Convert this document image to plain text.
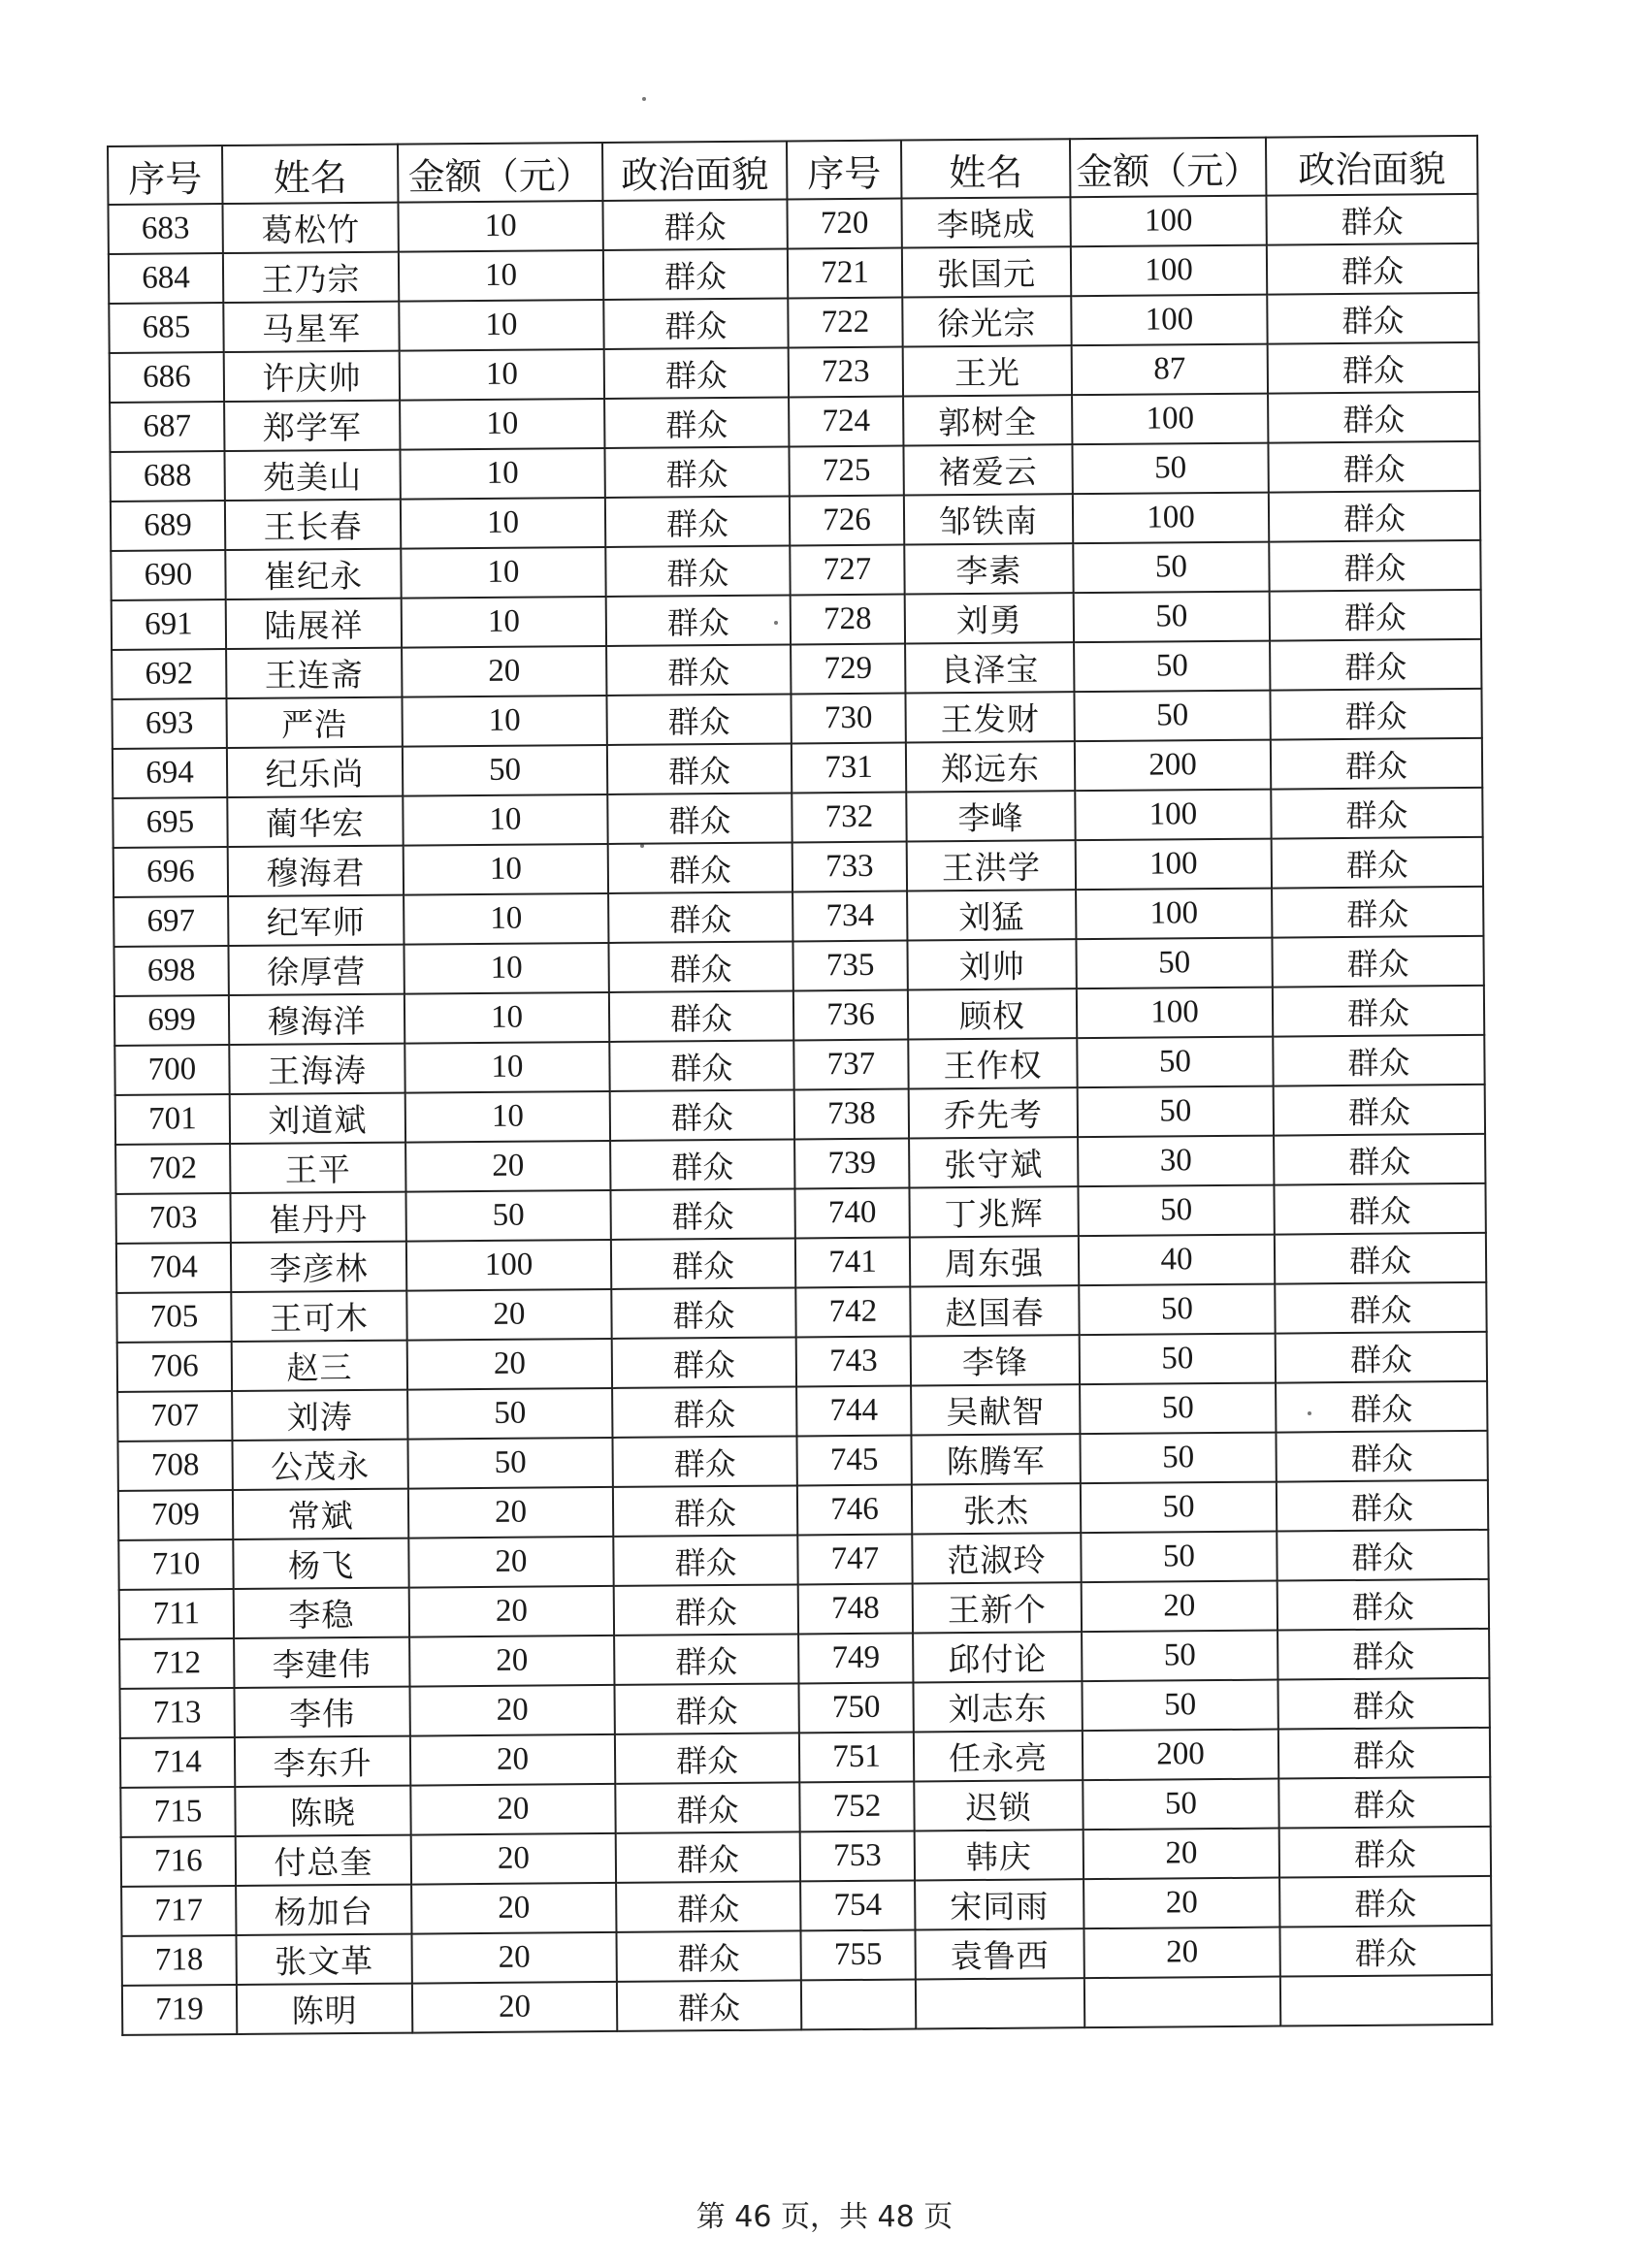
序号	姓名	金额（元）	政治面貌	序号	姓名	金额（元）	政治面貌
683	葛松竹	10	群众	720	李晓成	100	群众
684	王乃宗	10	群众	721	张国元	100	群众
685	马星军	10	群众	722	徐光宗	100	群众
686	许庆帅	10	群众	723	王光	87	群众
687	郑学军	10	群众	724	郭树全	100	群众
688	苑美山	10	群众	725	褚爱云	50	群众
689	王长春	10	群众	726	邹铁南	100	群众
690	崔纪永	10	群众	727	李素	50	群众
691	陆展祥	10	群众	728	刘勇	50	群众
692	王连斋	20	群众	729	良泽宝	50	群众
693	严浩	10	群众	730	王发财	50	群众
694	纪乐尚	50	群众	731	郑远东	200	群众
695	蔺华宏	10	群众	732	李峰	100	群众
696	穆海君	10	群众	733	王洪学	100	群众
697	纪军师	10	群众	734	刘猛	100	群众
698	徐厚营	10	群众	735	刘帅	50	群众
699	穆海洋	10	群众	736	顾权	100	群众
700	王海涛	10	群众	737	王作权	50	群众
701	刘道斌	10	群众	738	乔先考	50	群众
702	王平	20	群众	739	张守斌	30	群众
703	崔丹丹	50	群众	740	丁兆辉	50	群众
704	李彦林	100	群众	741	周东强	40	群众
705	王可木	20	群众	742	赵国春	50	群众
706	赵三	20	群众	743	李锋	50	群众
707	刘涛	50	群众	744	吴献智	50	群众
708	公茂永	50	群众	745	陈腾军	50	群众
709	常斌	20	群众	746	张杰	50	群众
710	杨飞	20	群众	747	范淑玲	50	群众
711	李稳	20	群众	748	王新个	20	群众
712	李建伟	20	群众	749	邱付论	50	群众
713	李伟	20	群众	750	刘志东	50	群众
714	李东升	20	群众	751	任永亮	200	群众
715	陈晓	20	群众	752	迟锁	50	群众
716	付总奎	20	群众	753	韩庆	20	群众
717	杨加台	20	群众	754	宋同雨	20	群众
718	张文革	20	群众	755	袁鲁西	20	群众
719	陈明	20	群众				
第 46 页，共 48 页
